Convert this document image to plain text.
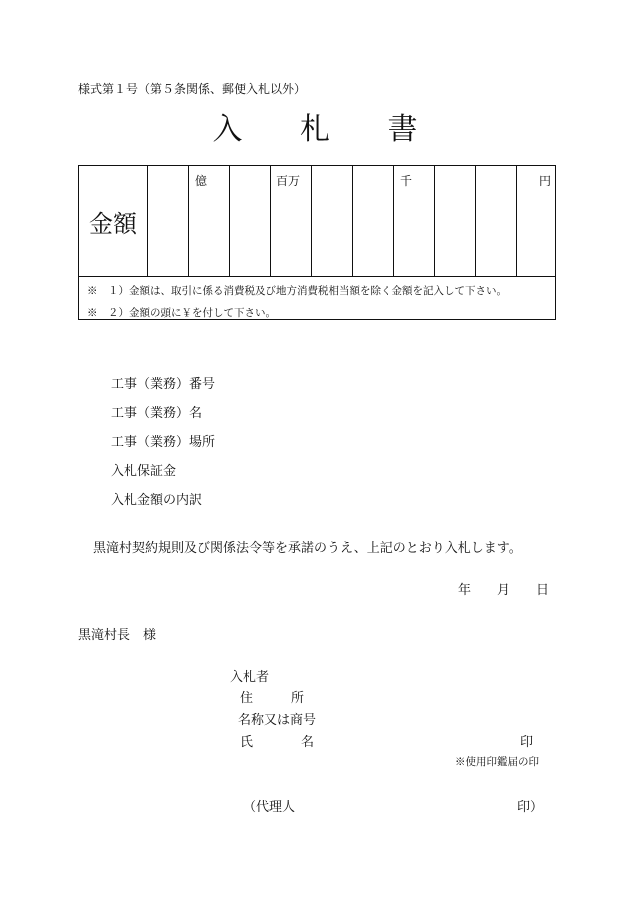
様式第１号（第５条関係、郵便入札以外）
入 札 書
金額
億	百万	千	円
※　１）金額は、取引に係る消費税及び地方消費税相当額を除く金額を記入して下さい。
※　２）金額の頭に￥を付して下さい。
工事（業務）番号
工事（業務）名
工事（業務）場所
入札保証金
入札金額の内訳
黒滝村契約規則及び関係法令等を承諾のうえ、上記のとおり入札します。
年 月 日
黒滝村長　様
入札者
住	所
名称又は商号
氏	名	印
※使用印鑑届の印
（代理人	印）
